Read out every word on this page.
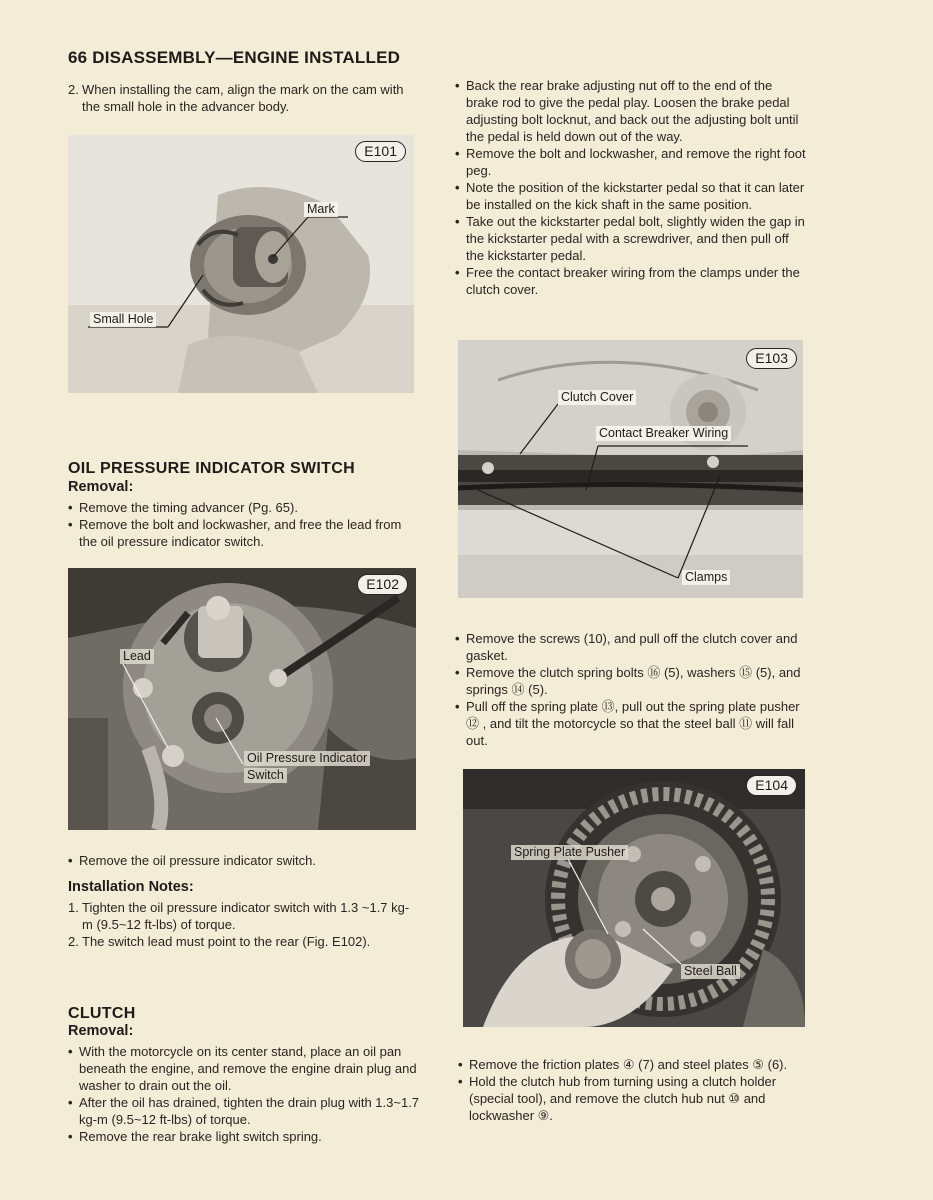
66 DISASSEMBLY—ENGINE INSTALLED

2. When installing the cam, align the mark on the cam with the small hole in the advancer body.

E101
Mark
Small Hole
OIL PRESSURE INDICATOR SWITCH
Removal:

• Remove the timing advancer (Pg. 65).

• Remove the bolt and lockwasher, and free the lead from the oil pressure indicator switch.

E102
Lead
Oil Pressure Indicator
Switch

• Remove the oil pressure indicator switch.

Installation Notes:

1. Tighten the oil pressure indicator switch with 1.3 ~1.7 kg-m (9.5~12 ft-lbs) of torque.

2. The switch lead must point to the rear (Fig. E102).

CLUTCH
Removal:

• With the motorcycle on its center stand, place an oil pan beneath the engine, and remove the engine drain plug and washer to drain out the oil.

• After the oil has drained, tighten the drain plug with 1.3~1.7 kg-m (9.5~12 ft-lbs) of torque.

• Remove the rear brake light switch spring.

• Back the rear brake adjusting nut off to the end of the brake rod to give the pedal play. Loosen the brake pedal adjusting bolt locknut, and back out the adjusting bolt until the pedal is held down out of the way.

• Remove the bolt and lockwasher, and remove the right foot peg.

• Note the position of the kickstarter pedal so that it can later be installed on the kick shaft in the same position.

• Take out the kickstarter pedal bolt, slightly widen the gap in the kickstarter pedal with a screwdriver, and then pull off the kickstarter pedal.

• Free the contact breaker wiring from the clamps under the clutch cover.

E103
Clutch Cover
Contact Breaker Wiring
Clamps

• Remove the screws (10), and pull off the clutch cover and gasket.

• Remove the clutch spring bolts ⑯ (5), washers ⑮ (5), and springs ⑭ (5).

• Pull off the spring plate ⑬, pull out the spring plate pusher ⑫ , and tilt the motorcycle so that the steel ball ⑪ will fall out.

E104
Spring Plate Pusher
Steel Ball

• Remove the friction plates ④ (7) and steel plates ⑤ (6).

• Hold the clutch hub from turning using a clutch holder (special tool), and remove the clutch hub nut ⑩ and lockwasher ⑨.
